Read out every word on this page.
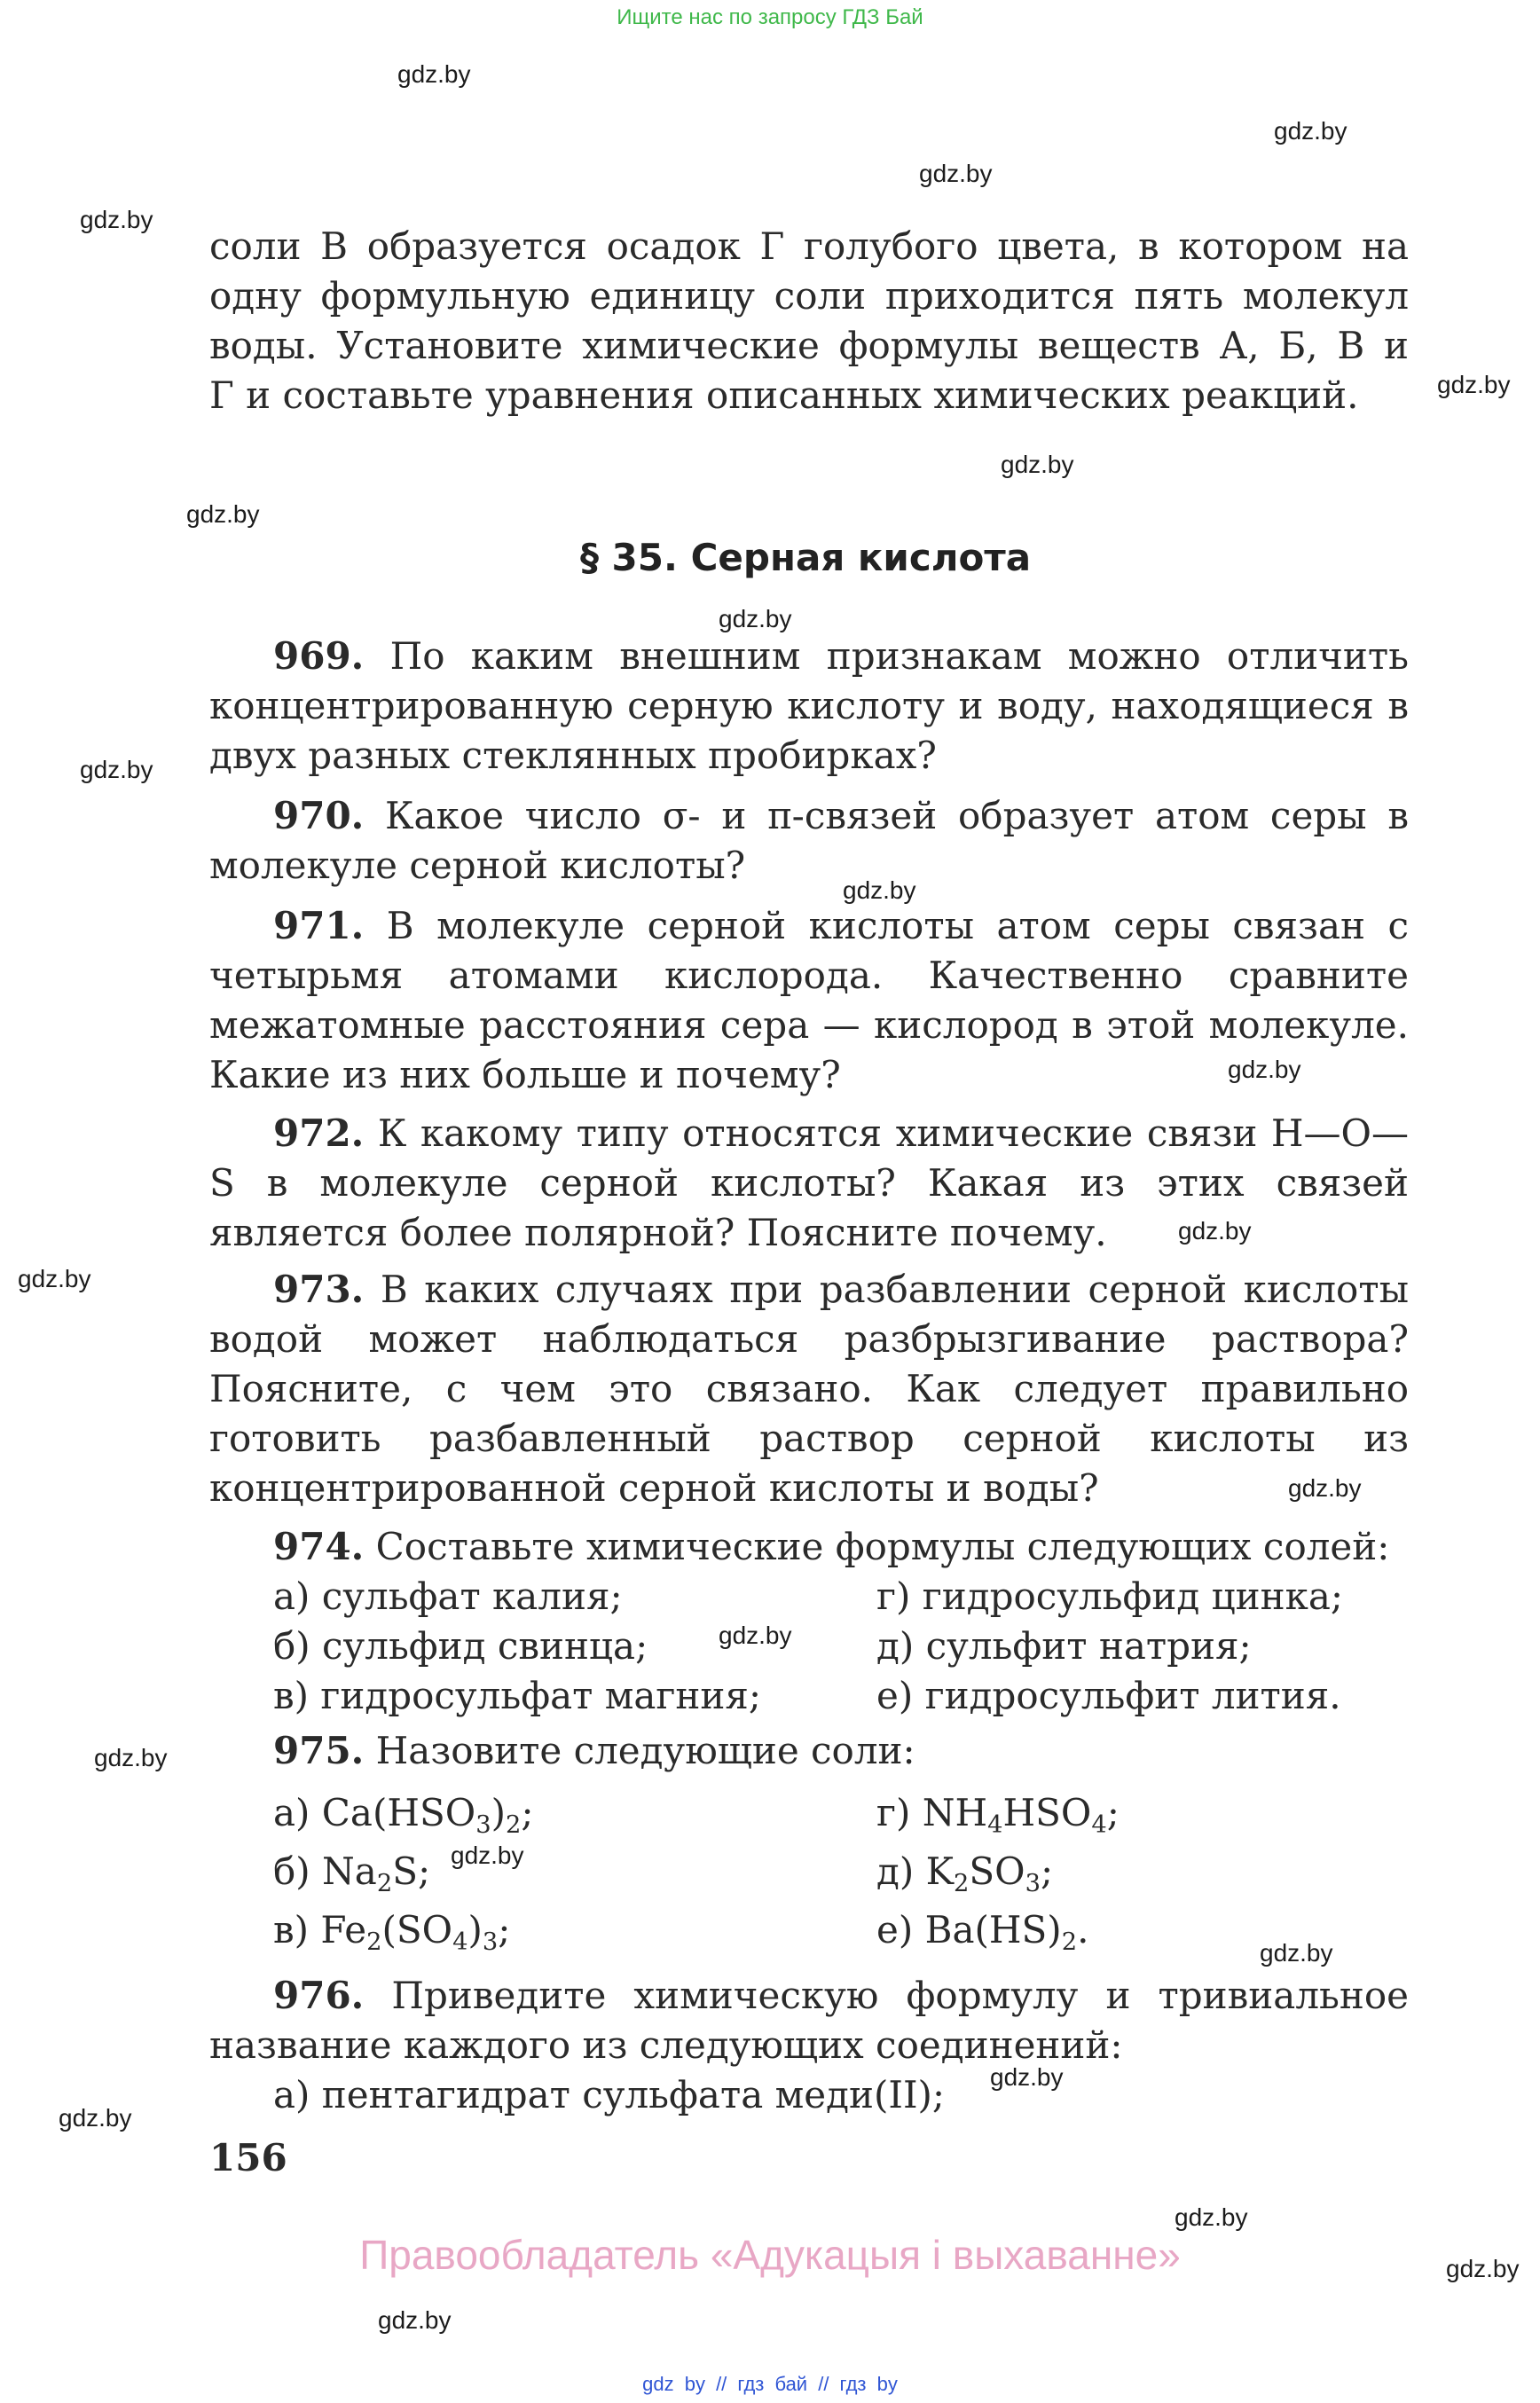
Ищите нас по запросу ГДЗ Бай
gdz.by
gdz.by
gdz.by
gdz.by
gdz.by
gdz.by
gdz.by
gdz.by
gdz.by
gdz.by
gdz.by
gdz.by
gdz.by
gdz.by
gdz.by
gdz.by
gdz.by
gdz.by
gdz.by
gdz.by
gdz.by
gdz.by
gdz.by
соли В образуется осадок Г голубого цвета, в котором на
одну формульную единицу соли приходится пять молекул
воды. Установите химические формулы веществ А, Б, В и
Г и составьте уравнения описанных химических реакций.
§ 35. Серная кислота
969. По каким внешним признакам можно отличить концентрированную серную кислоту и воду, находящиеся в двух разных стеклянных пробирках?
970. Какое число σ- и π-связей образует атом серы в молекуле серной кислоты?
971. В молекуле серной кислоты атом серы связан с четырьмя атомами кислорода. Качественно сравните межатомные расстояния сера — кислород в этой молекуле. Какие из них больше и почему?
972. К какому типу относятся химические связи H—O—S в молекуле серной кислоты? Какая из этих связей является более полярной? Поясните почему.
973. В каких случаях при разбавлении серной кислоты водой может наблюдаться разбрызгивание раствора? Поясните, с чем это связано. Как следует правильно готовить разбавленный раствор серной кислоты из концентрированной серной кислоты и воды?
974. Составьте химические формулы следующих солей:
а) сульфат калия;	г) гидросульфид цинка;
б) сульфид свинца;	д) сульфит натрия;
в) гидросульфат магния;	е) гидросульфит лития.
975. Назовите следующие соли:
а) $Ca(HSO_3)_2$;	г) $NH_4HSO_4$;
б) $Na_2S$;	д) $K_2SO_3$;
в) $Fe_2(SO_4)_3$;	е) $Ba(HS)_2$.
976. Приведите химическую формулу и тривиальное название каждого из следующих соединений:
а) пентагидрат сульфата меди(II);
156
Правообладатель «Адукацыя і выхаванне»
gdz by // гдз бай // гдз by
